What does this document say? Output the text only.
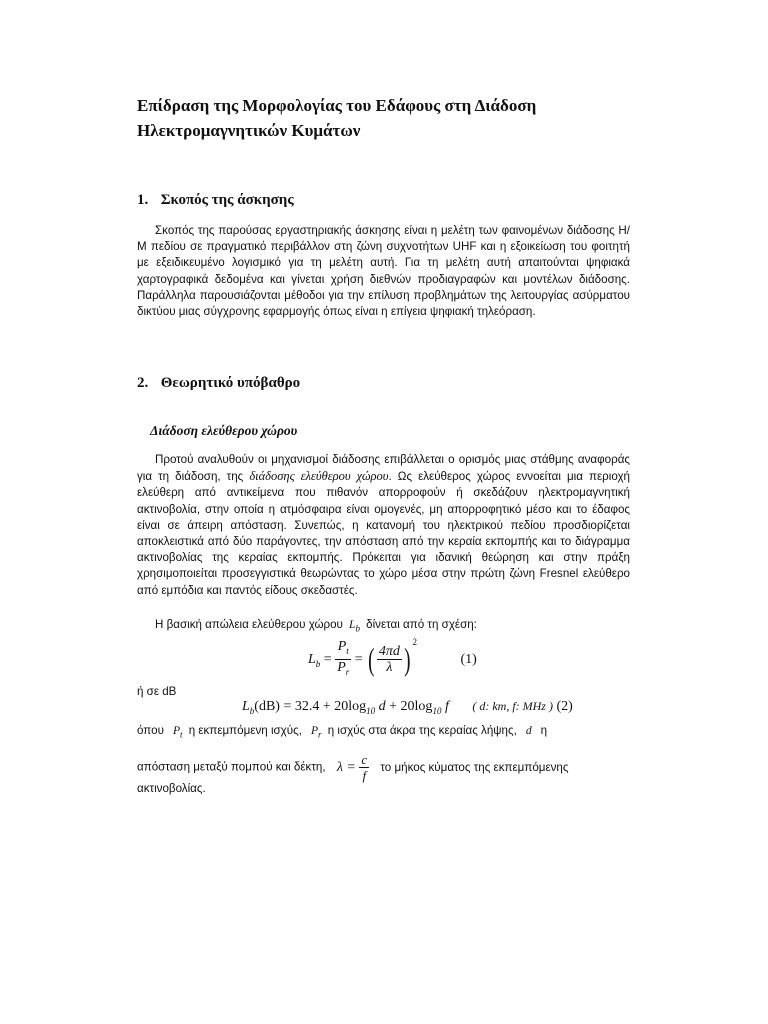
Επίδραση της Μορφολογίας του Εδάφους στη Διάδοση Ηλεκτρομαγνητικών Κυμάτων
1. Σκοπός της άσκησης
Σκοπός της παρούσας εργαστηριακής άσκησης είναι η μελέτη των φαινομένων διάδοσης Η/Μ πεδίου σε πραγματικό περιβάλλον στη ζώνη συχνοτήτων UHF και η εξοικείωση του φοιτητή με εξειδικευμένο λογισμικό για τη μελέτη αυτή. Για τη μελέτη αυτή απαιτούνται ψηφιακά χαρτογραφικά δεδομένα και γίνεται χρήση διεθνών προδιαγραφών και μοντέλων διάδοσης. Παράλληλα παρουσιάζονται μέθοδοι για την επίλυση προβλημάτων της λειτουργίας ασύρματου δικτύου μιας σύγχρονης εφαρμογής όπως είναι η επίγεια ψηφιακή τηλεόραση.
2. Θεωρητικό υπόβαθρο
Διάδοση ελεύθερου χώρου
Προτού αναλυθούν οι μηχανισμοί διάδοσης επιβάλλεται ο ορισμός μιας στάθμης αναφοράς για τη διάδοση, της διάδοσης ελεύθερου χώρου. Ως ελεύθερος χώρος εννοείται μια περιοχή ελεύθερη από αντικείμενα που πιθανόν απορροφούν ή σκεδάζουν ηλεκτρομαγνητική ακτινοβολία, στην οποία η ατμόσφαιρα είναι ομογενές, μη απορροφητικό μέσο και το έδαφος είναι σε άπειρη απόσταση. Συνεπώς, η κατανομή του ηλεκτρικού πεδίου προσδιορίζεται αποκλειστικά από δύο παράγοντες, την απόσταση από την κεραία εκπομπής και το διάγραμμα ακτινοβολίας της κεραίας εκπομπής. Πρόκειται για ιδανική θεώρηση και στην πράξη χρησιμοποιείται προσεγγιστικά θεωρώντας το χώρο μέσα στην πρώτη ζώνη Fresnel ελεύθερο από εμπόδια και παντός είδους σκεδαστές.
Η βασική απώλεια ελεύθερου χώρου  $L_b$ δίνεται από τη σχέση:
$L_b = \frac{P_t}{P_r}$ = ( $\frac{4\pi d}{\lambda}$ ) $^2$ (1)
ή σε dB
$L_b(dB) = 32.4 + 20\log_{10}$ $d + 20\log_{10}$ f ( d: km, f: MHz ) (2)
όπου   $P_t$ η εκπεμπόμενη ισχύς,   $P_r$ η ισχύς στα άκρα της κεραίας λήψης,   d   η
απόσταση μεταξύ πομπού και δέκτη, $\lambda = \frac{c}{f}$ το μήκος κύματος της εκπεμπόμενης
ακτινοβολίας.
